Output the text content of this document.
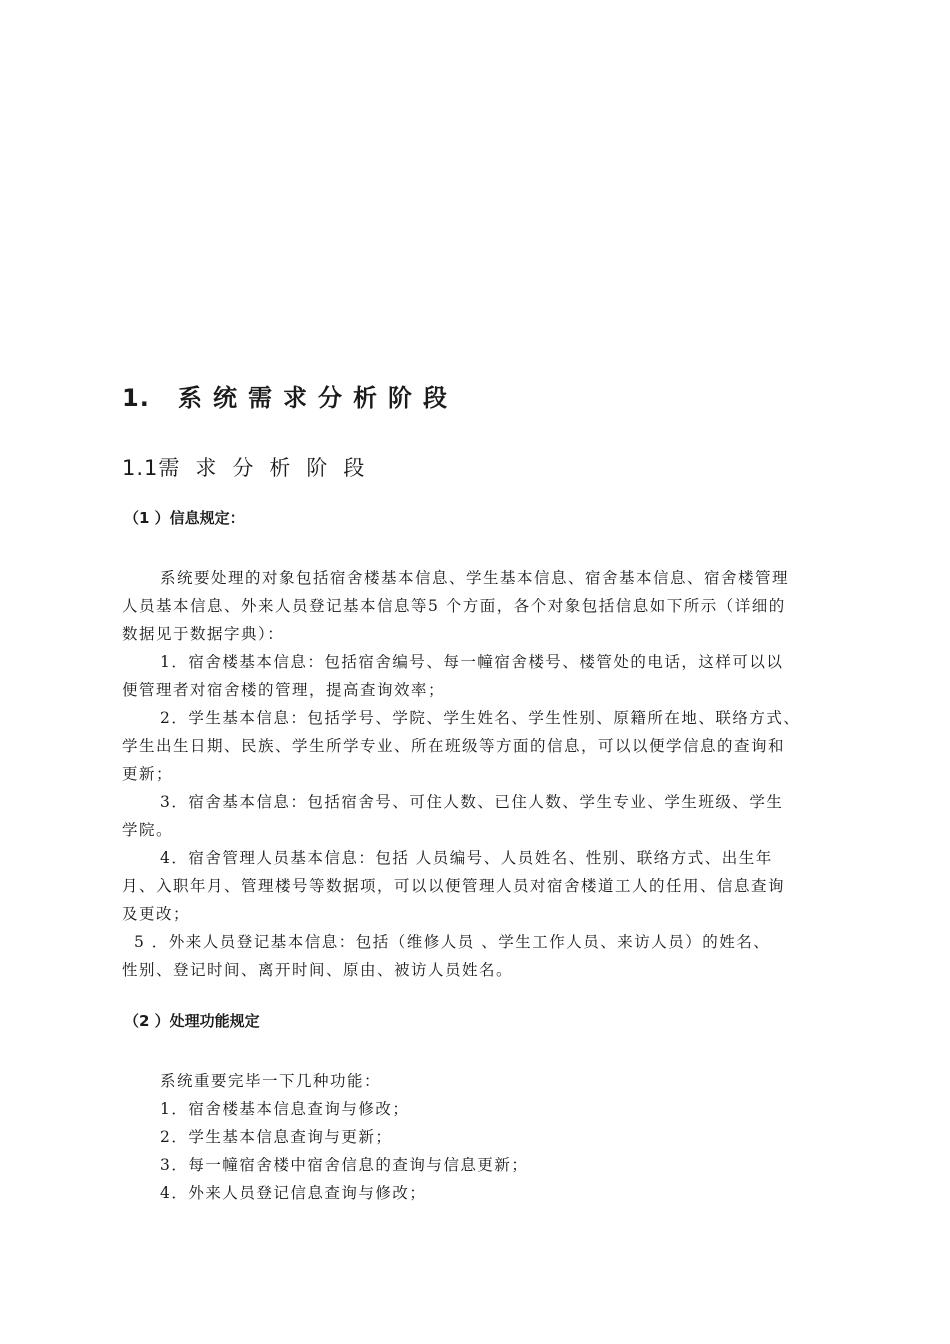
1. 系统需求分析阶段
1.1需求分析阶段
（1 ）信息规定：
系统要处理的对象包括宿舍楼基本信息、学生基本信息、宿舍基本信息、宿舍楼管理
人员基本信息、外来人员登记基本信息等5 个方面，各个对象包括信息如下所示（详细的
数据见于数据字典）：
1．宿舍楼基本信息：包括宿舍编号、每一幢宿舍楼号、楼管处的电话，这样可以以
便管理者对宿舍楼的管理，提高查询效率；
2．学生基本信息：包括学号、学院、学生姓名、学生性别、原籍所在地、联络方式、
学生出生日期、民族、学生所学专业、所在班级等方面的信息，可以以便学信息的查询和
更新；
3．宿舍基本信息：包括宿舍号、可住人数、已住人数、学生专业、学生班级、学生
学院。
4．宿舍管理人员基本信息：包括 人员编号、人员姓名、性别、联络方式、出生年
月、入职年月、管理楼号等数据项，可以以便管理人员对宿舍楼道工人的任用、信息查询
及更改；
5 ．外来人员登记基本信息：包括（维修人员 、学生工作人员、来访人员）的姓名、
性别、登记时间、离开时间、原由、被访人员姓名。
（2 ）处理功能规定
系统重要完毕一下几种功能：
1．宿舍楼基本信息查询与修改；
2．学生基本信息查询与更新；
3．每一幢宿舍楼中宿舍信息的查询与信息更新；
4．外来人员登记信息查询与修改；
